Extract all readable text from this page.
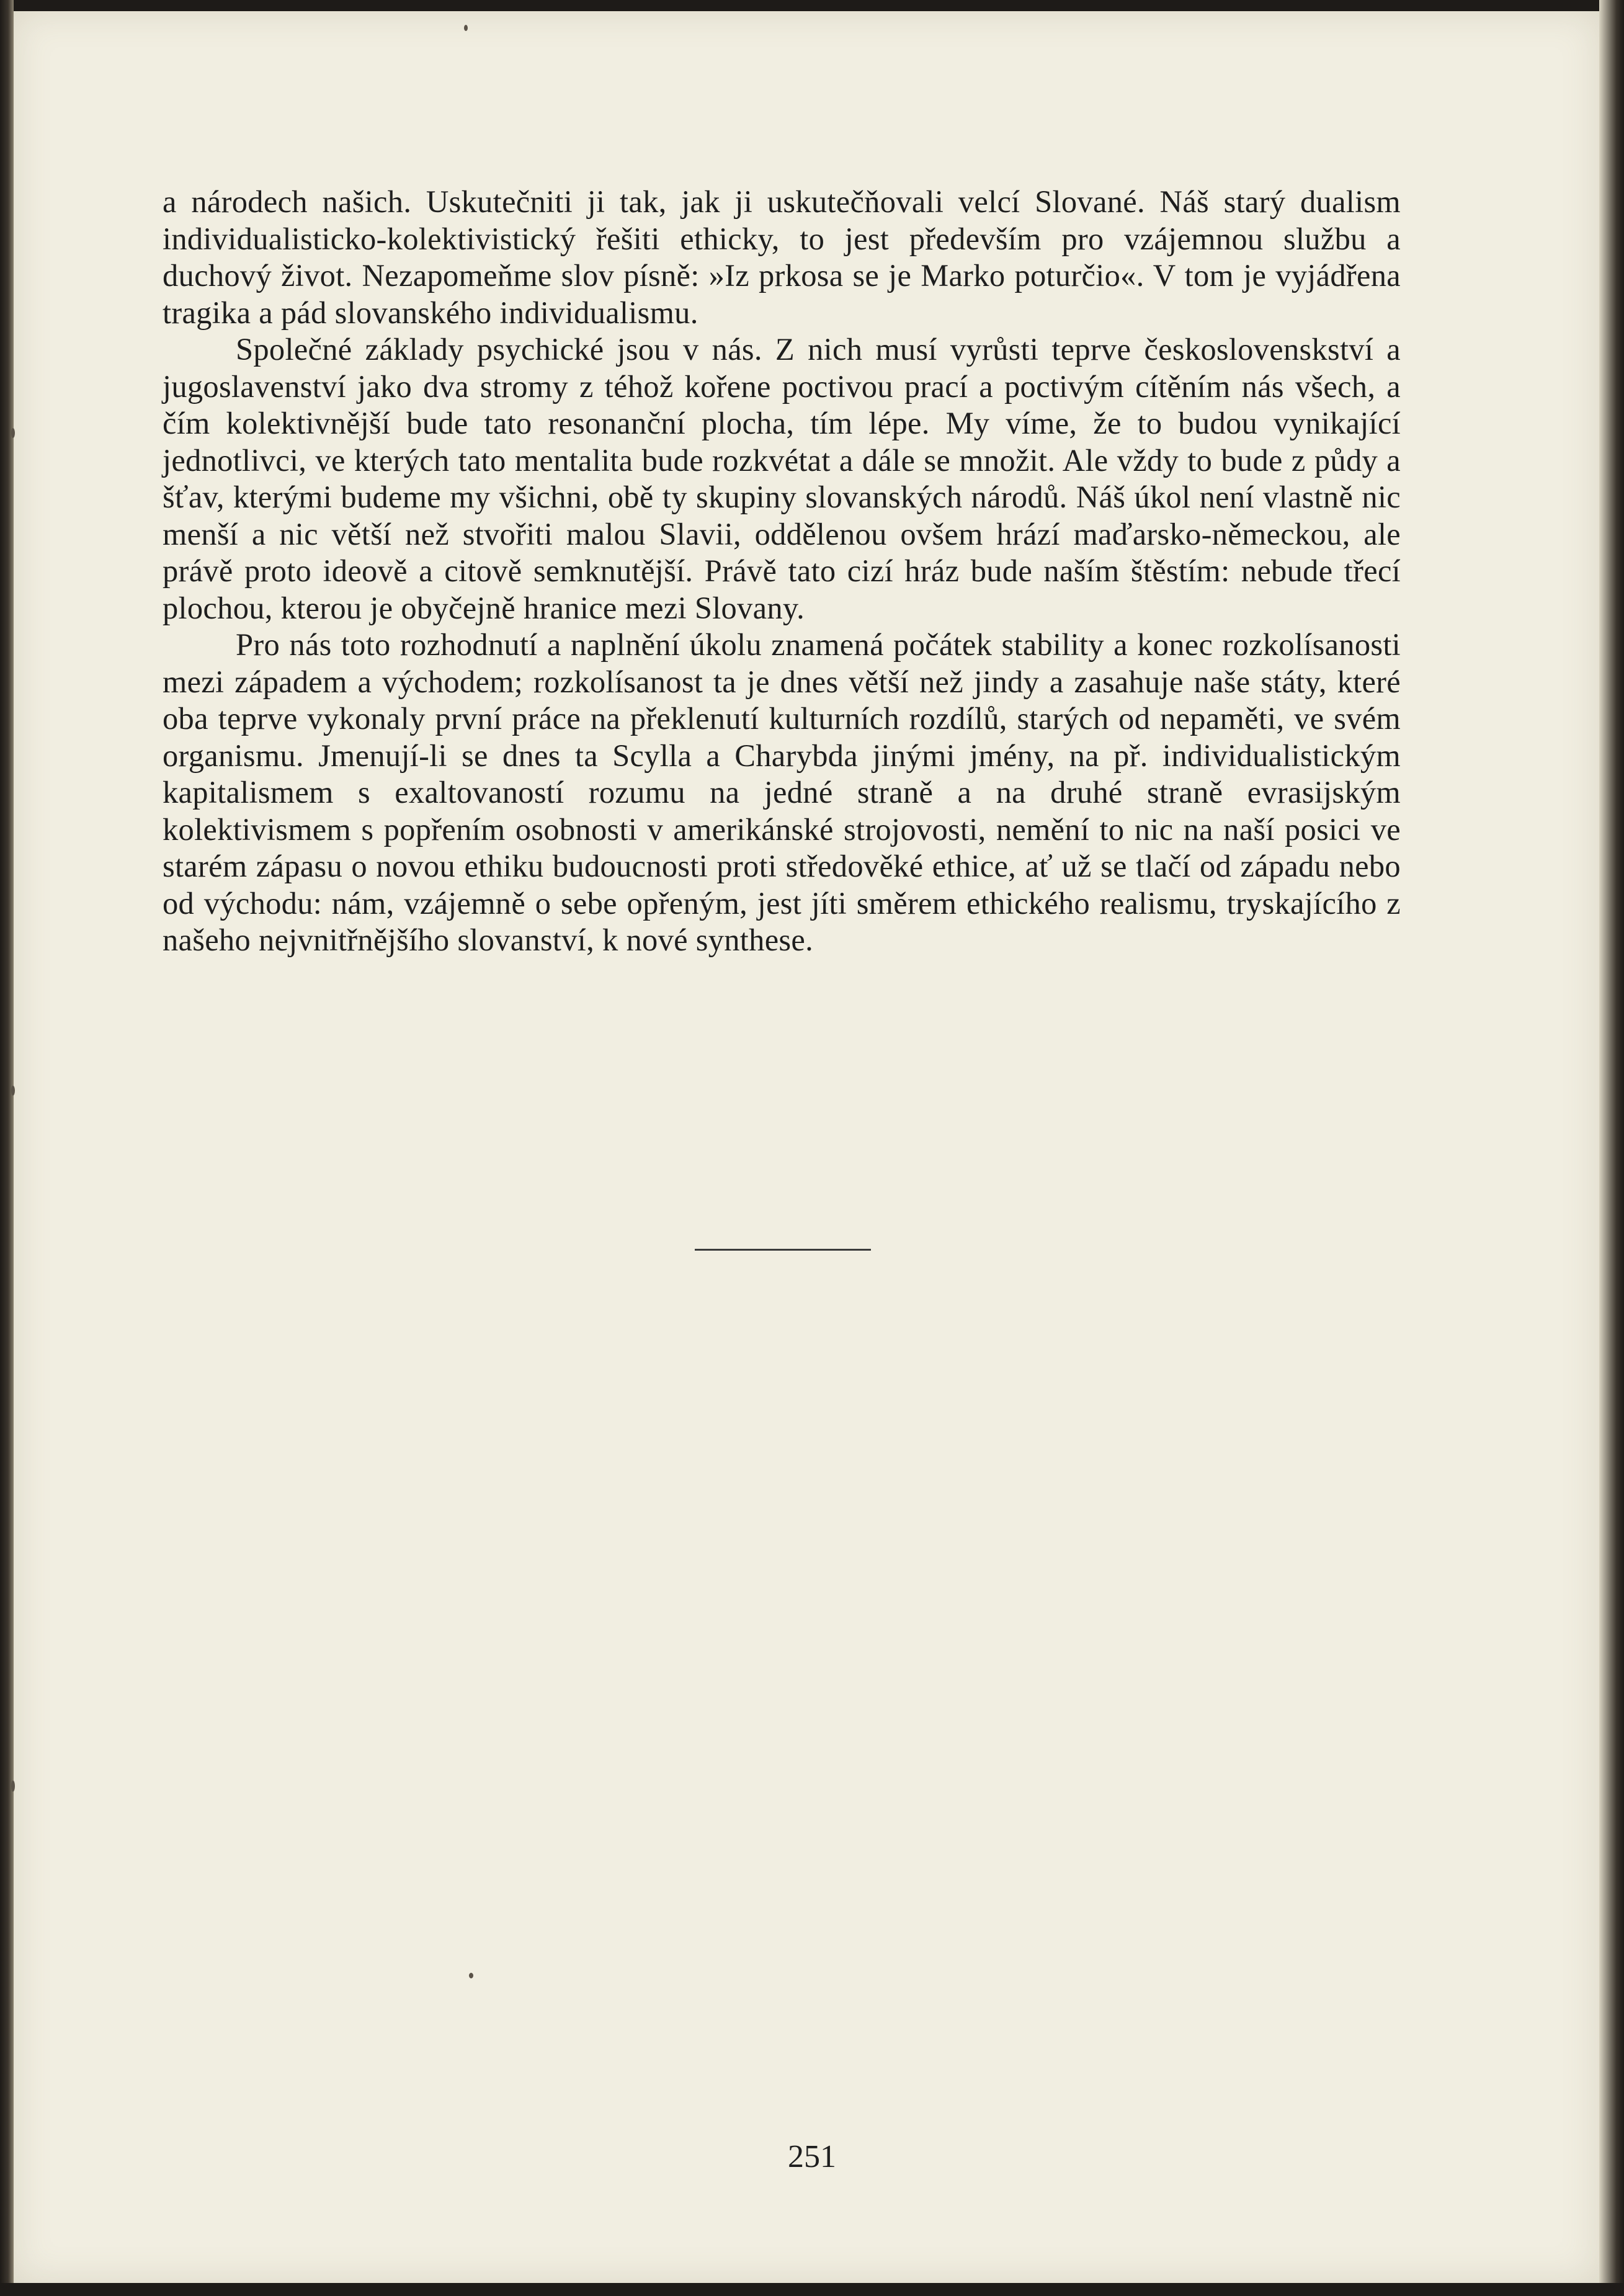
a národech našich. Uskutečniti ji tak, jak ji uskutečňovali velcí Slované. Náš starý dualism individualisticko-kolektivistický řešiti ethicky, to jest především pro vzájemnou službu a duchový život. Nezapomeňme slov písně: »Iz prkosa se je Marko poturčio«. V tom je vyjádřena tragika a pád slovanského individualismu.

Společné základy psychické jsou v nás. Z nich musí vyrůsti teprve československství a jugoslavenství jako dva stromy z téhož kořene poctivou prací a poctivým cítěním nás všech, a čím kolektivnější bude tato resonanční plocha, tím lépe. My víme, že to budou vynikající jednotlivci, ve kterých tato mentalita bude rozkvétat a dále se množit. Ale vždy to bude z půdy a šťav, kterými budeme my všichni, obě ty skupiny slovanských národů. Náš úkol není vlastně nic menší a nic větší než stvořiti malou Slavii, oddělenou ovšem hrází maďarsko-německou, ale právě proto ideově a citově semknutější. Právě tato cizí hráz bude naším štěstím: nebude třecí plochou, kterou je obyčejně hranice mezi Slovany.

Pro nás toto rozhodnutí a naplnění úkolu znamená počátek stability a konec rozkolísanosti mezi západem a východem; rozkolísanost ta je dnes větší než jindy a zasahuje naše státy, které oba teprve vykonaly první práce na překlenutí kulturních rozdílů, starých od nepaměti, ve svém organismu. Jmenují-li se dnes ta Scylla a Charybda jinými jmény, na př. individualistickým kapitalismem s exaltovaností rozumu na jedné straně a na druhé straně evrasijským kolektivismem s popřením osobnosti v amerikánské strojovosti, nemění to nic na naší posici ve starém zápasu o novou ethiku budoucnosti proti středověké ethice, ať už se tlačí od západu nebo od východu: nám, vzájemně o sebe opřeným, jest jíti směrem ethického realismu, tryskajícího z našeho nejvnitřnějšího slovanství, k nové synthese.

251
